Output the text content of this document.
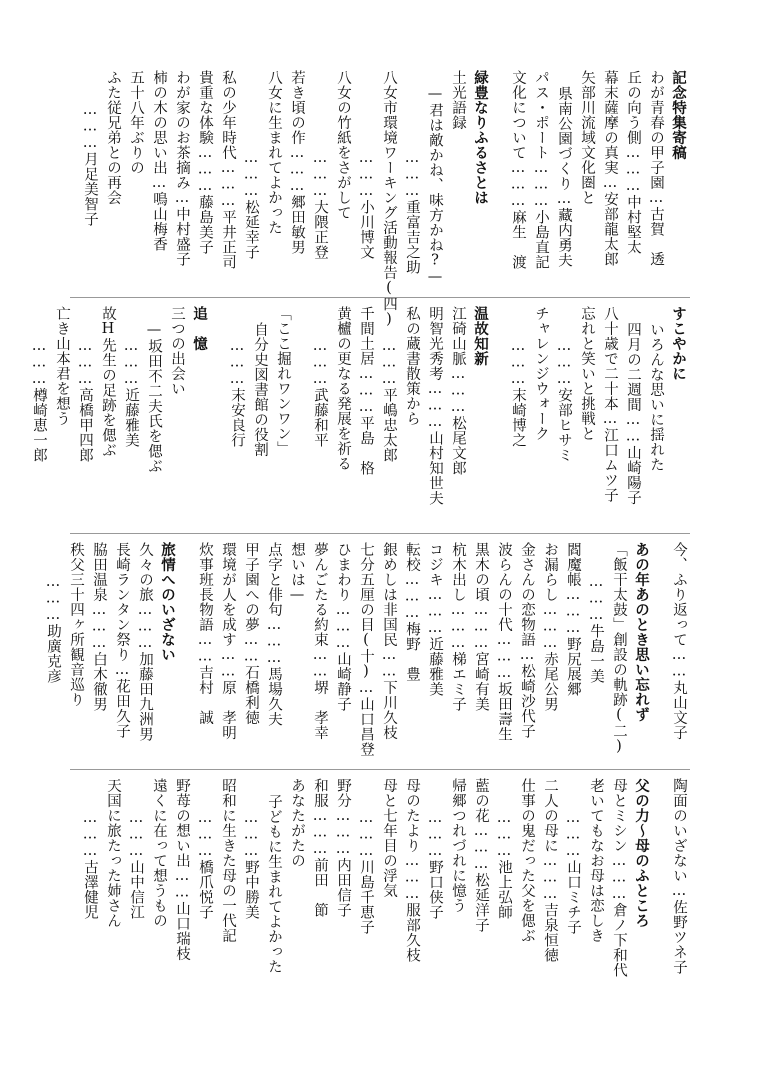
記念特集寄稿
わが青春の甲子園…古賀　透
丘の向う側………中村堅太
幕末薩摩の真実…安部龍太郎
矢部川流域文化圏と
県南公園づくり…藏内勇夫
パス・ポート………小島直記
文化について………麻生　渡
緑豊なりふるさとは
土光語録
—君は敵かね、味方かね?—
………重富吉之助
八女市環境ワーキング活動報告(四)
………小川博文
八女の竹紙をさがして
………大隈正登
若き頃の作………郷田敏男
八女に生まれてよかった
………松延幸子
私の少年時代………平井正司
貴重な体験………藤島美子
わが家のお茶摘み…中村盛子
柿の木の思い出…鳴山梅香
五十八年ぶりの
ふた従兄弟との再会
………月足美智子
すこやかに
いろんな思いに揺れた
四月の二週間……山崎陽子
八十歳で二十本…江口ムツ子
忘れと笑いと挑戦と
………安部ヒサミ
チャレンジウォーク
………末崎博之
温故知新
江碕山脈………松尾文郎
明智光秀考………山村知世夫
私の蔵書散策から
………平嶋忠太郎
千間土居………平島　格
黄櫨の更なる発展を祈る
………武藤和平
「ここ掘れワンワン」
自分史図書館の役割
………末安良行
追　憶
三つの出会い
—坂田不二夫氏を偲ぶ
………近藤雅美
故H先生の足跡を偲ぶ
………高橋甲四郎
亡き山本君を想う
………樽崎恵一郎
今、ふり返って……丸山文子
あの年あのとき思い忘れず
「飯干太鼓」創設の軌跡(二)
………牛島一美
閻魔帳………野尻展郷
お漏らし………赤尾公男
金さんの恋物語…松崎沙代子
波らんの十代………坂田壽生
黒木の頃………宮崎有美
杭木出し………梯エミ子
コジキ………近藤雅美
転校………梅野　豊
銀めしは非国民……下川久枝
七分五厘の目(十)…山口昌登
ひまわり………山崎静子
夢んごたる約束……堺　孝幸
想いは—
点字と俳句………馬場久夫
甲子園への夢……石橋利徳
環境が人を成す……原　孝明
炊事班長物語……吉村　誠
旅情へのいざない
久々の旅………加藤田九洲男
長崎ランタン祭り…花田久子
脇田温泉………白木徹男
秩父三十四ヶ所観音巡り
………助廣克彦
陶面のいざない…佐野ツネ子
父の力〜母のふところ
母とミシン………倉ノ下和代
老いてもなお母は恋しき
………山口ミチ子
二人の母に………吉泉恒徳
仕事の鬼だった父を偲ぶ
………池上弘師
藍の花………松延洋子
帰郷つれづれに憶う
………野口侠子
母のたより………服部久枝
母と七年目の浮気
………川島千恵子
野分………内田信子
和服………前田　節
あなたがたの
子どもに生まれてよかった
………野中勝美
昭和に生きた母の一代記
………橋爪悦子
野苺の想い出……山口瑞枝
遠くに在って想うもの
………山中信江
天国に旅たった姉さん
………古澤健児
